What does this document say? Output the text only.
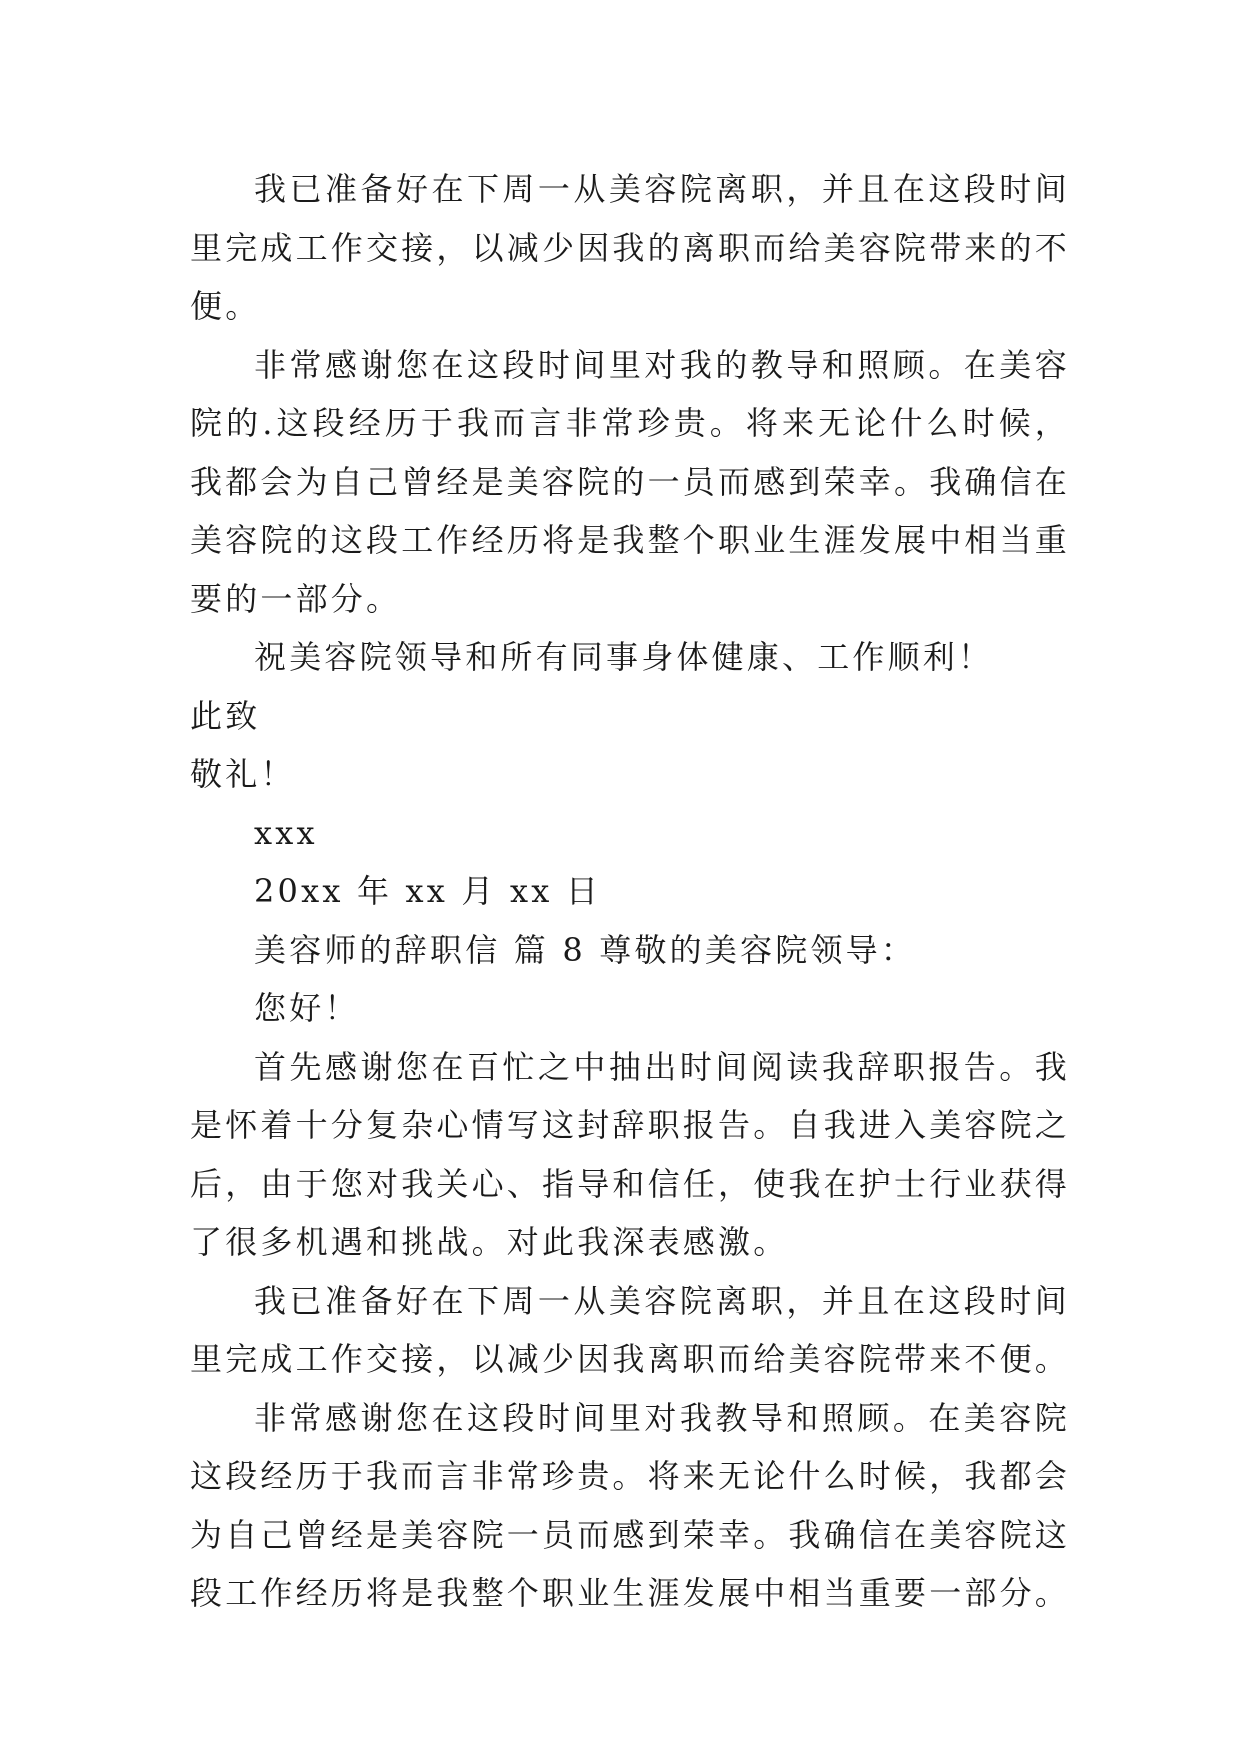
我已准备好在下周一从美容院离职，并且在这段时间里完成工作交接，以减少因我的离职而给美容院带来的不便。

非常感谢您在这段时间里对我的教导和照顾。在美容院的.这段经历于我而言非常珍贵。将来无论什么时候，我都会为自己曾经是美容院的一员而感到荣幸。我确信在美容院的这段工作经历将是我整个职业生涯发展中相当重要的一部分。

祝美容院领导和所有同事身体健康、工作顺利！

此致

敬礼！

xxx

20xx 年 xx 月 xx 日

美容师的辞职信 篇 8 尊敬的美容院领导：

您好！

首先感谢您在百忙之中抽出时间阅读我辞职报告。我是怀着十分复杂心情写这封辞职报告。自我进入美容院之后，由于您对我关心、指导和信任，使我在护士行业获得了很多机遇和挑战。对此我深表感激。

我已准备好在下周一从美容院离职，并且在这段时间里完成工作交接，以减少因我离职而给美容院带来不便。

非常感谢您在这段时间里对我教导和照顾。在美容院这段经历于我而言非常珍贵。将来无论什么时候，我都会为自己曾经是美容院一员而感到荣幸。我确信在美容院这段工作经历将是我整个职业生涯发展中相当重要一部分。
